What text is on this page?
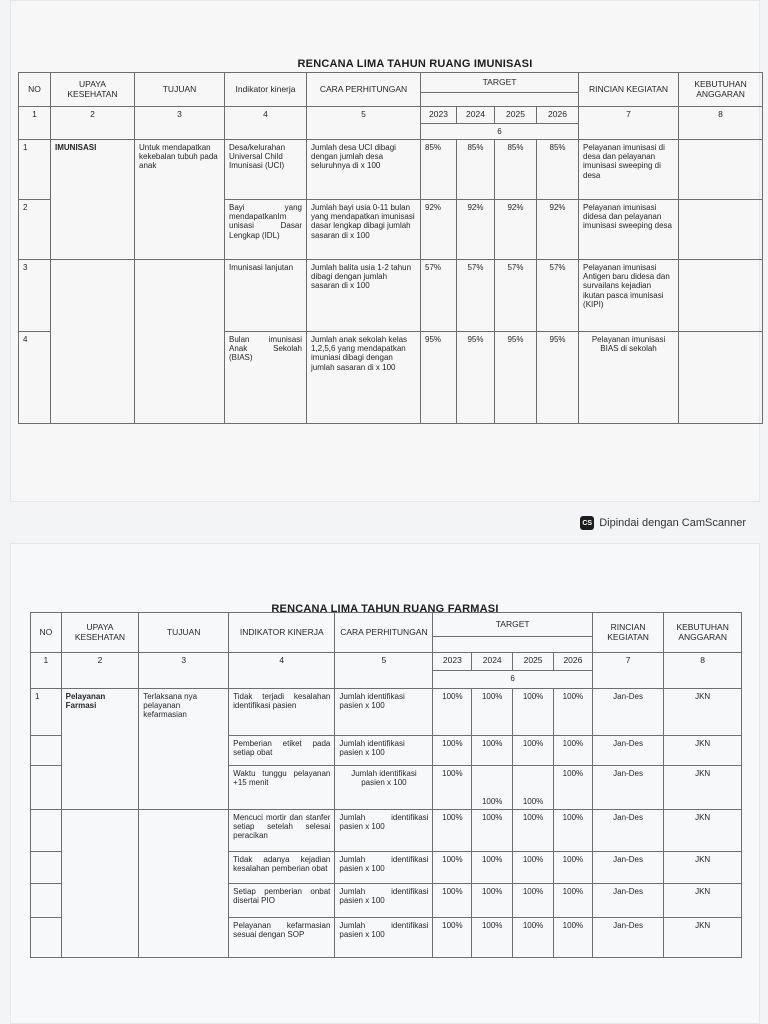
RENCANA LIMA TAHUN RUANG IMUNISASI
NO	UPAYA KESEHATAN	TUJUAN	Indikator kinerja	CARA PERHITUNGAN	TARGET				RINCIAN KEGIATAN	KEBUTUHAN ANGGARAN

1	2	3	4	5	2023	2024	2025	2026	7	8
					6					
1	IMUNISASI	Untuk mendapatkan kekebalan tubuh pada anak	Desa/kelurahan Universal Child Imunisasi (UCI)	Jumlah desa UCI dibagi dengan jumlah desa seluruhnya di x 100	85%	85%	85%	85%	Pelayanan imunisasi di desa dan pelayanan imunisasi sweeping di desa	
2			Bayi yang mendapatkanIm unisasi Dasar Lengkap (IDL)	Jumlah bayi usia 0-11 bulan yang mendapatkan imunisasi dasar lengkap dibagi jumlah sasaran di x 100	92%	92%	92%	92%	Pelayanan imunisasi didesa dan pelayanan imunisasi sweeping desa	
3			Imunisasi lanjutan	Jumlah balita usia 1-2 tahun dibagi dengan jumlah sasaran di x 100	57%	57%	57%	57%	Pelayanan imunisasi Antigen baru didesa dan survailans kejadian ikutan pasca imunisasi (KIPI)	
4			Bulan imunisasi Anak Sekolah (BIAS)	Jumlah anak sekolah kelas 1,2,5,6 yang mendapatkan imuniasi dibagi dengan jumlah sasaran di x 100	95%	95%	95%	95%	Pelayanan imunisasi BIAS di sekolah	
CS Dipindai dengan CamScanner
RENCANA LIMA TAHUN RUANG FARMASI
NO	UPAYA KESEHATAN	TUJUAN	INDIKATOR KINERJA	CARA PERHITUNGAN	TARGET				RINCIAN KEGIATAN	KEBUTUHAN ANGGARAN

1	2	3	4	5	2023	2024	2025	2026	7	8
					6					
1	Pelayanan Farmasi	Terlaksana nya pelayanan kefarmasian	Tidak terjadi kesalahan identifikasi pasien	Jumlah identifikasi pasien x 100	100%	100%	100%	100%	Jan-Des	JKN
			Pemberian etiket pada setiap obat	Jumlah identifikasi pasien x 100	100%	100%	100%	100%	Jan-Des	JKN
			Waktu tunggu pelayanan +15 menit	Jumlah identifikasi pasien x 100	100%	100%	100%	100%	Jan-Des	JKN
			Mencuci mortir dan stanfer setiap setelah selesai peracikan	Jumlah identifikasi pasien x 100	100%	100%	100%	100%	Jan-Des	JKN
			Tidak adanya kejadian kesalahan pemberian obat	Jumlah identifikasi pasien x 100	100%	100%	100%	100%	Jan-Des	JKN
			Setiap pemberian onbat disertai PIO	Jumlah identifikasi pasien x 100	100%	100%	100%	100%	Jan-Des	JKN
			Pelayanan kefarmasian sesuai dengan SOP	Jumlah identifikasi pasien x 100	100%	100%	100%	100%	Jan-Des	JKN
